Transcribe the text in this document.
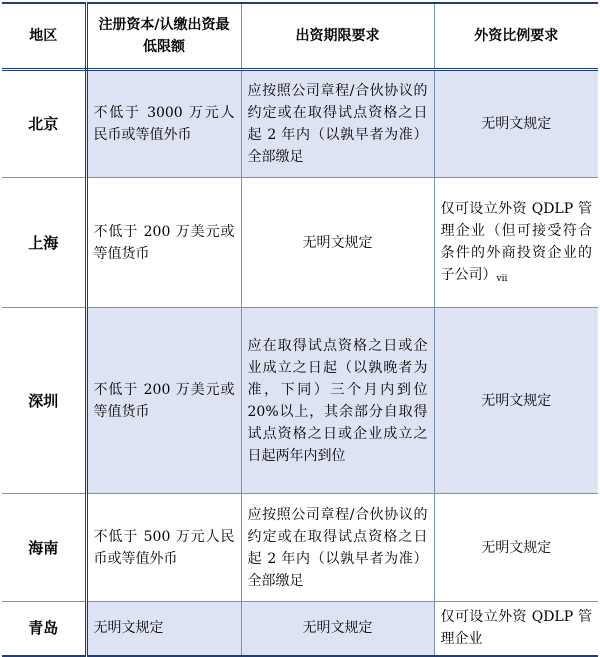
地区	注册资本/认缴出资最低限额	出资期限要求	外资比例要求
北京	不低于 3000 万元人民币或等值外币	应按照公司章程/合伙协议的约定或在取得试点资格之日起 2 年内（以孰早者为准）全部缴足	无明文规定
上海	不低于 200 万美元或等值货币	无明文规定	仅可设立外资 QDLP 管理企业（但可接受符合条件的外商投资企业的子公司）$^{vii}$
深圳	不低于 200 万美元或等值货币	应在取得试点资格之日或企业成立之日起（以孰晚者为准，下同）三个月内到位 20%以上，其余部分自取得试点资格之日或企业成立之日起两年内到位	无明文规定
海南	不低于 500 万元人民币或等值外币	应按照公司章程/合伙协议的约定或在取得试点资格之日起 2 年内（以孰早者为准）全部缴足	无明文规定
青岛	无明文规定	无明文规定	仅可设立外资 QDLP 管理企业
